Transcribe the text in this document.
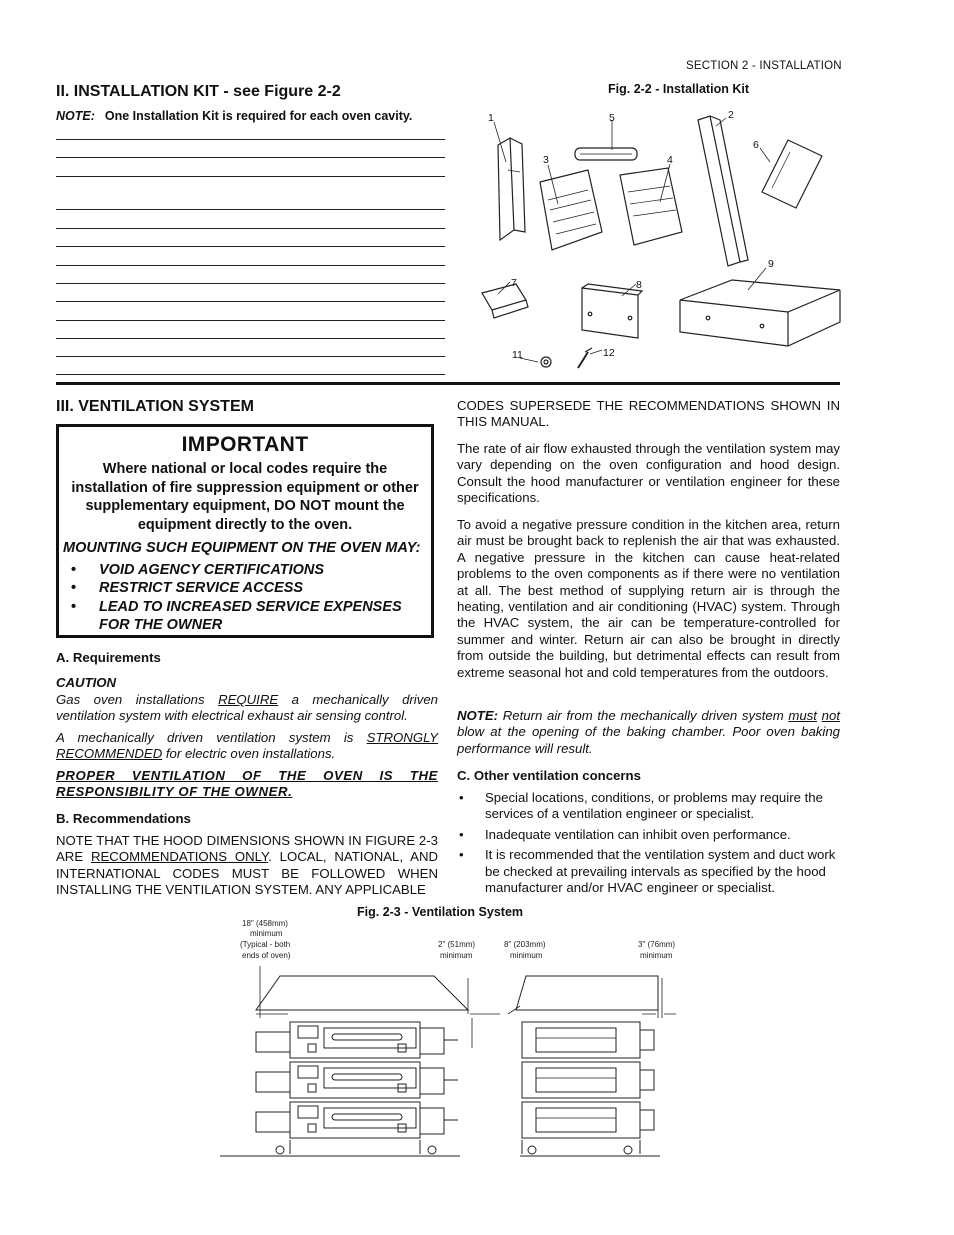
SECTION 2 - INSTALLATION
II. INSTALLATION KIT - see Figure 2-2
NOTE: One Installation Kit is required for each oven cavity.
Fig. 2-2 - Installation Kit
1	2
3	4
5
6
7	8
9
11	12
III. VENTILATION SYSTEM
IMPORTANT
Where national or local codes require the installation of fire suppression equipment or other supplementary equipment, DO NOT mount the equipment directly to the oven.
MOUNTING SUCH EQUIPMENT ON THE OVEN MAY:
• VOID AGENCY CERTIFICATIONS
• RESTRICT SERVICE ACCESS
• LEAD TO INCREASED SERVICE EXPENSES FOR THE OWNER
A. Requirements
CAUTION
Gas oven installations REQUIRE a mechanically driven ventilation system with electrical exhaust air sensing control.
A mechanically driven ventilation system is STRONGLY RECOMMENDED for electric oven installations.
PROPER VENTILATION OF THE OVEN IS THE RESPONSIBILITY OF THE OWNER.
B. Recommendations
NOTE THAT THE HOOD DIMENSIONS SHOWN IN FIGURE 2-3 ARE RECOMMENDATIONS ONLY. LOCAL, NATIONAL, AND INTERNATIONAL CODES MUST BE FOLLOWED WHEN INSTALLING THE VENTILATION SYSTEM. ANY APPLICABLE
CODES SUPERSEDE THE RECOMMENDATIONS SHOWN IN THIS MANUAL.
The rate of air flow exhausted through the ventilation system may vary depending on the oven configuration and hood design. Consult the hood manufacturer or ventilation engineer for these specifications.
To avoid a negative pressure condition in the kitchen area, return air must be brought back to replenish the air that was exhausted. A negative pressure in the kitchen can cause heat-related problems to the oven components as if there were no ventilation at all. The best method of supplying return air is through the heating, ventilation and air conditioning (HVAC) system. Through the HVAC system, the air can be temperature-controlled for summer and winter. Return air can also be brought in directly from outside the building, but detrimental effects can result from extreme seasonal hot and cold temperatures from the outdoors.
NOTE: Return air from the mechanically driven system must not blow at the opening of the baking chamber. Poor oven baking performance will result.
C. Other ventilation concerns
• Special locations, conditions, or problems may require the services of a ventilation engineer or specialist.
• Inadequate ventilation can inhibit oven performance.
• It is recommended that the ventilation system and duct work be checked at prevailing intervals as specified by the hood manufacturer and/or HVAC engineer or specialist.
Fig. 2-3 - Ventilation System
18" (458mm)
minimum
(Typical - both
ends of oven)
2" (51mm)
minimum
8" (203mm)
minimum
3" (76mm)
minimum
